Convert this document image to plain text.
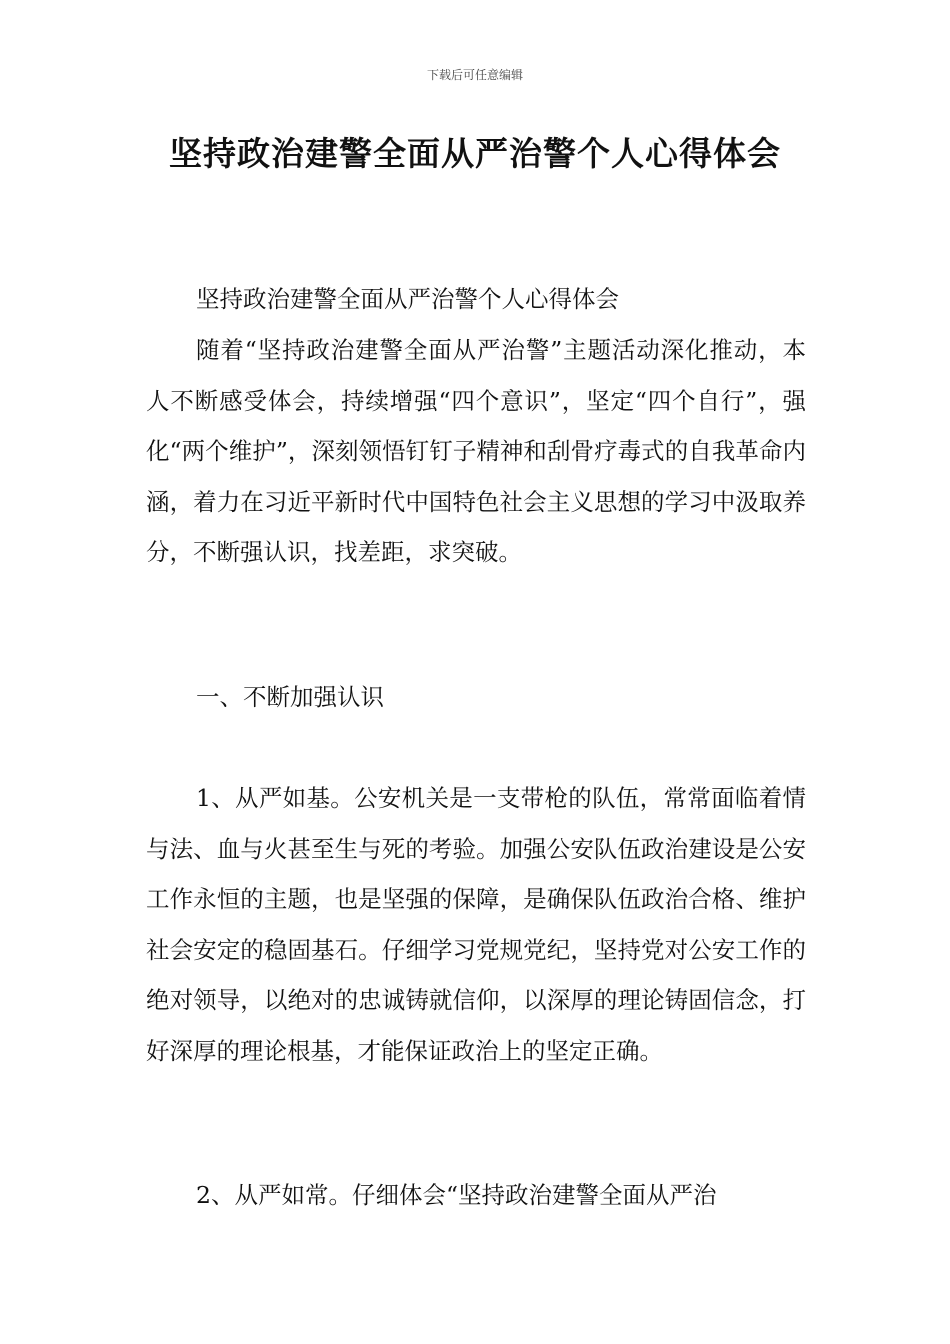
下载后可任意编辑
坚持政治建警全面从严治警个人心得体会
坚持政治建警全面从严治警个人心得体会
随着“坚持政治建警全面从严治警”主题活动深化推动，本人不断感受体会，持续增强“四个意识”，坚定“四个自行”，强化“两个维护”，深刻领悟钉钉子精神和刮骨疗毒式的自我革命内涵，着力在习近平新时代中国特色社会主义思想的学习中汲取养分，不断强认识，找差距，求突破。
一、不断加强认识
1、从严如基。公安机关是一支带枪的队伍，常常面临着情与法、血与火甚至生与死的考验。加强公安队伍政治建设是公安工作永恒的主题，也是坚强的保障，是确保队伍政治合格、维护社会安定的稳固基石。仔细学习党规党纪，坚持党对公安工作的绝对领导，以绝对的忠诚铸就信仰，以深厚的理论铸固信念，打好深厚的理论根基，才能保证政治上的坚定正确。
2、从严如常。仔细体会“坚持政治建警全面从严治
